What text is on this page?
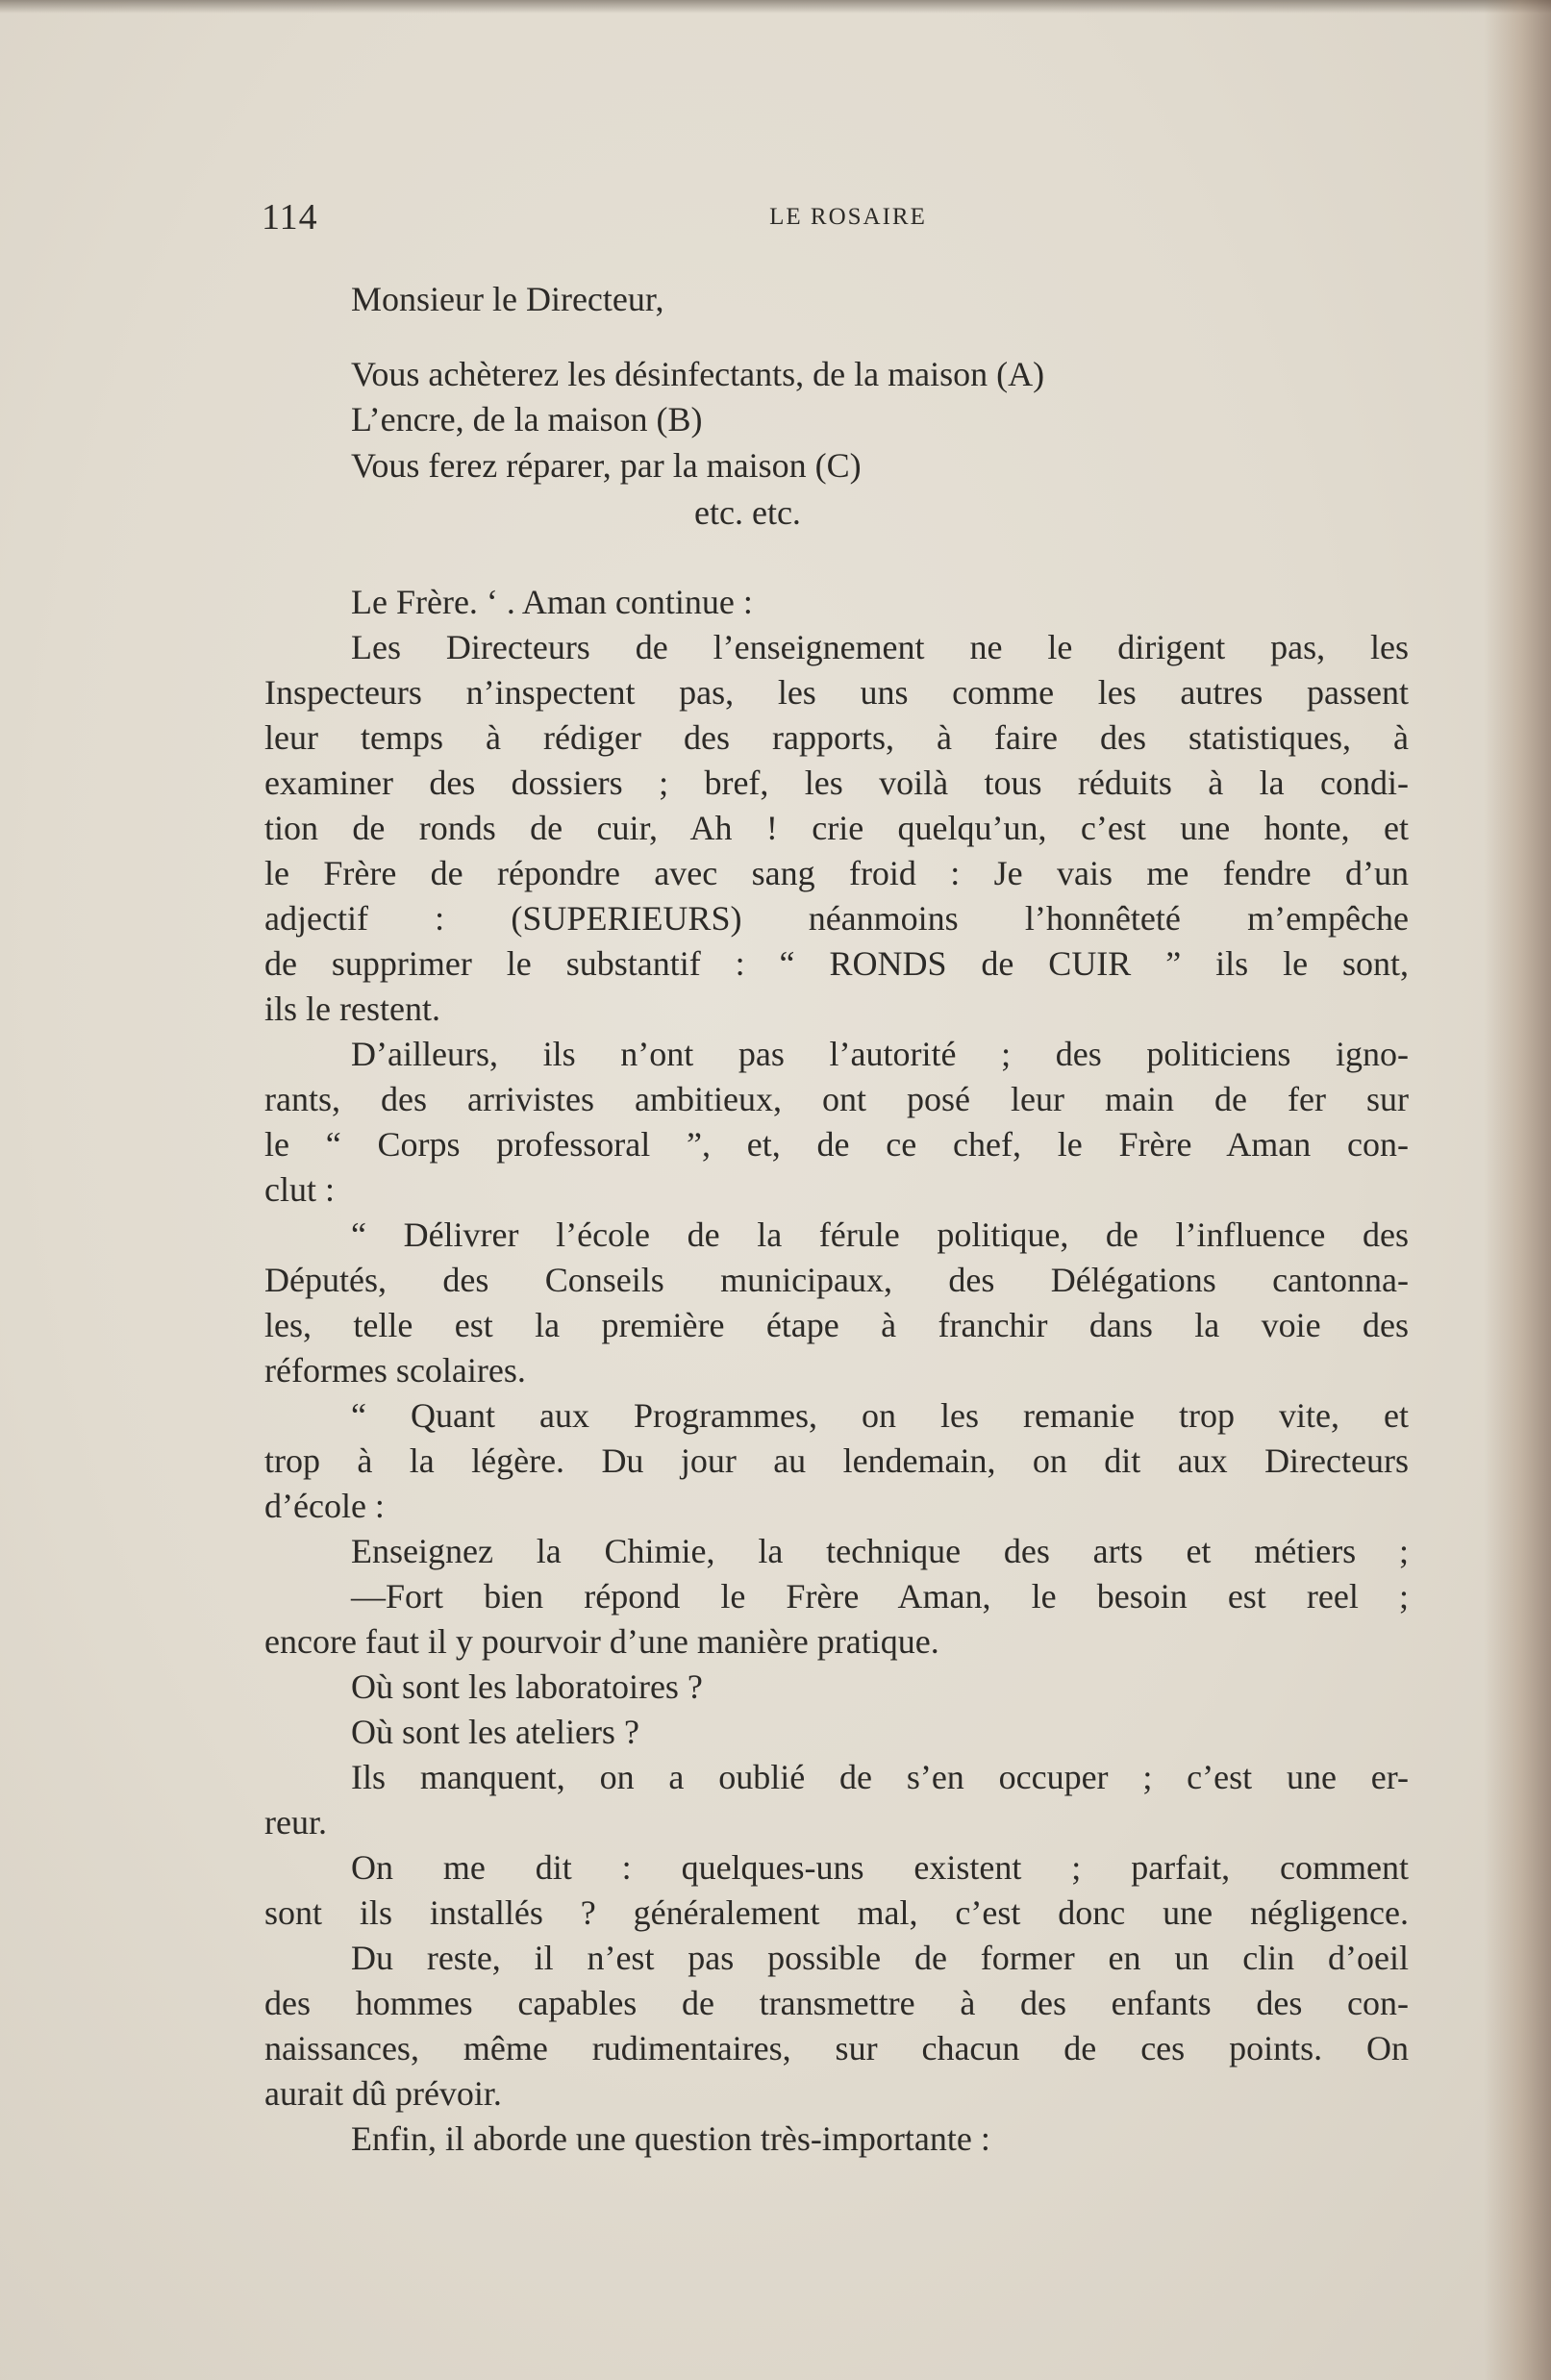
114	LE ROSAIRE
Monsieur le Directeur,
Vous achèterez les désinfectants, de la maison (A)
L’encre, de la maison (B)
Vous ferez réparer, par la maison (C)
etc. etc.
Le Frère. ‘ . Aman continue :
Les Directeurs de l’enseignement ne le dirigent pas, les
Inspecteurs n’inspectent pas, les uns comme les autres passent
leur temps à rédiger des rapports, à faire des statistiques, à
examiner des dossiers ; bref, les voilà tous réduits à la condi-
tion de ronds de cuir, Ah ! crie quelqu’un, c’est une honte, et
le Frère de répondre avec sang froid : Je vais me fendre d’un
adjectif : (SUPERIEURS) néanmoins l’honnêteté m’empêche
de supprimer le substantif : “ RONDS de CUIR ” ils le sont,
ils le restent.
D’ailleurs, ils n’ont pas l’autorité ; des politiciens igno-
rants, des arrivistes ambitieux, ont posé leur main de fer sur
le “ Corps professoral ”, et, de ce chef, le Frère Aman con-
clut :
“ Délivrer l’école de la férule politique, de l’influence des
Députés, des Conseils municipaux, des Délégations cantonna-
les, telle est la première étape à franchir dans la voie des
réformes scolaires.
“ Quant aux Programmes, on les remanie trop vite, et
trop à la légère. Du jour au lendemain, on dit aux Directeurs
d’école :
Enseignez la Chimie, la technique des arts et métiers ;
—Fort bien répond le Frère Aman, le besoin est reel ;
encore faut il y pourvoir d’une manière pratique.
Où sont les laboratoires ?
Où sont les ateliers ?
Ils manquent, on a oublié de s’en occuper ; c’est une er-
reur.
On me dit : quelques-uns existent ; parfait, comment
sont ils installés ? généralement mal, c’est donc une négligence.
Du reste, il n’est pas possible de former en un clin d’oeil
des hommes capables de transmettre à des enfants des con-
naissances, même rudimentaires, sur chacun de ces points. On
aurait dû prévoir.
Enfin, il aborde une question très-importante :
